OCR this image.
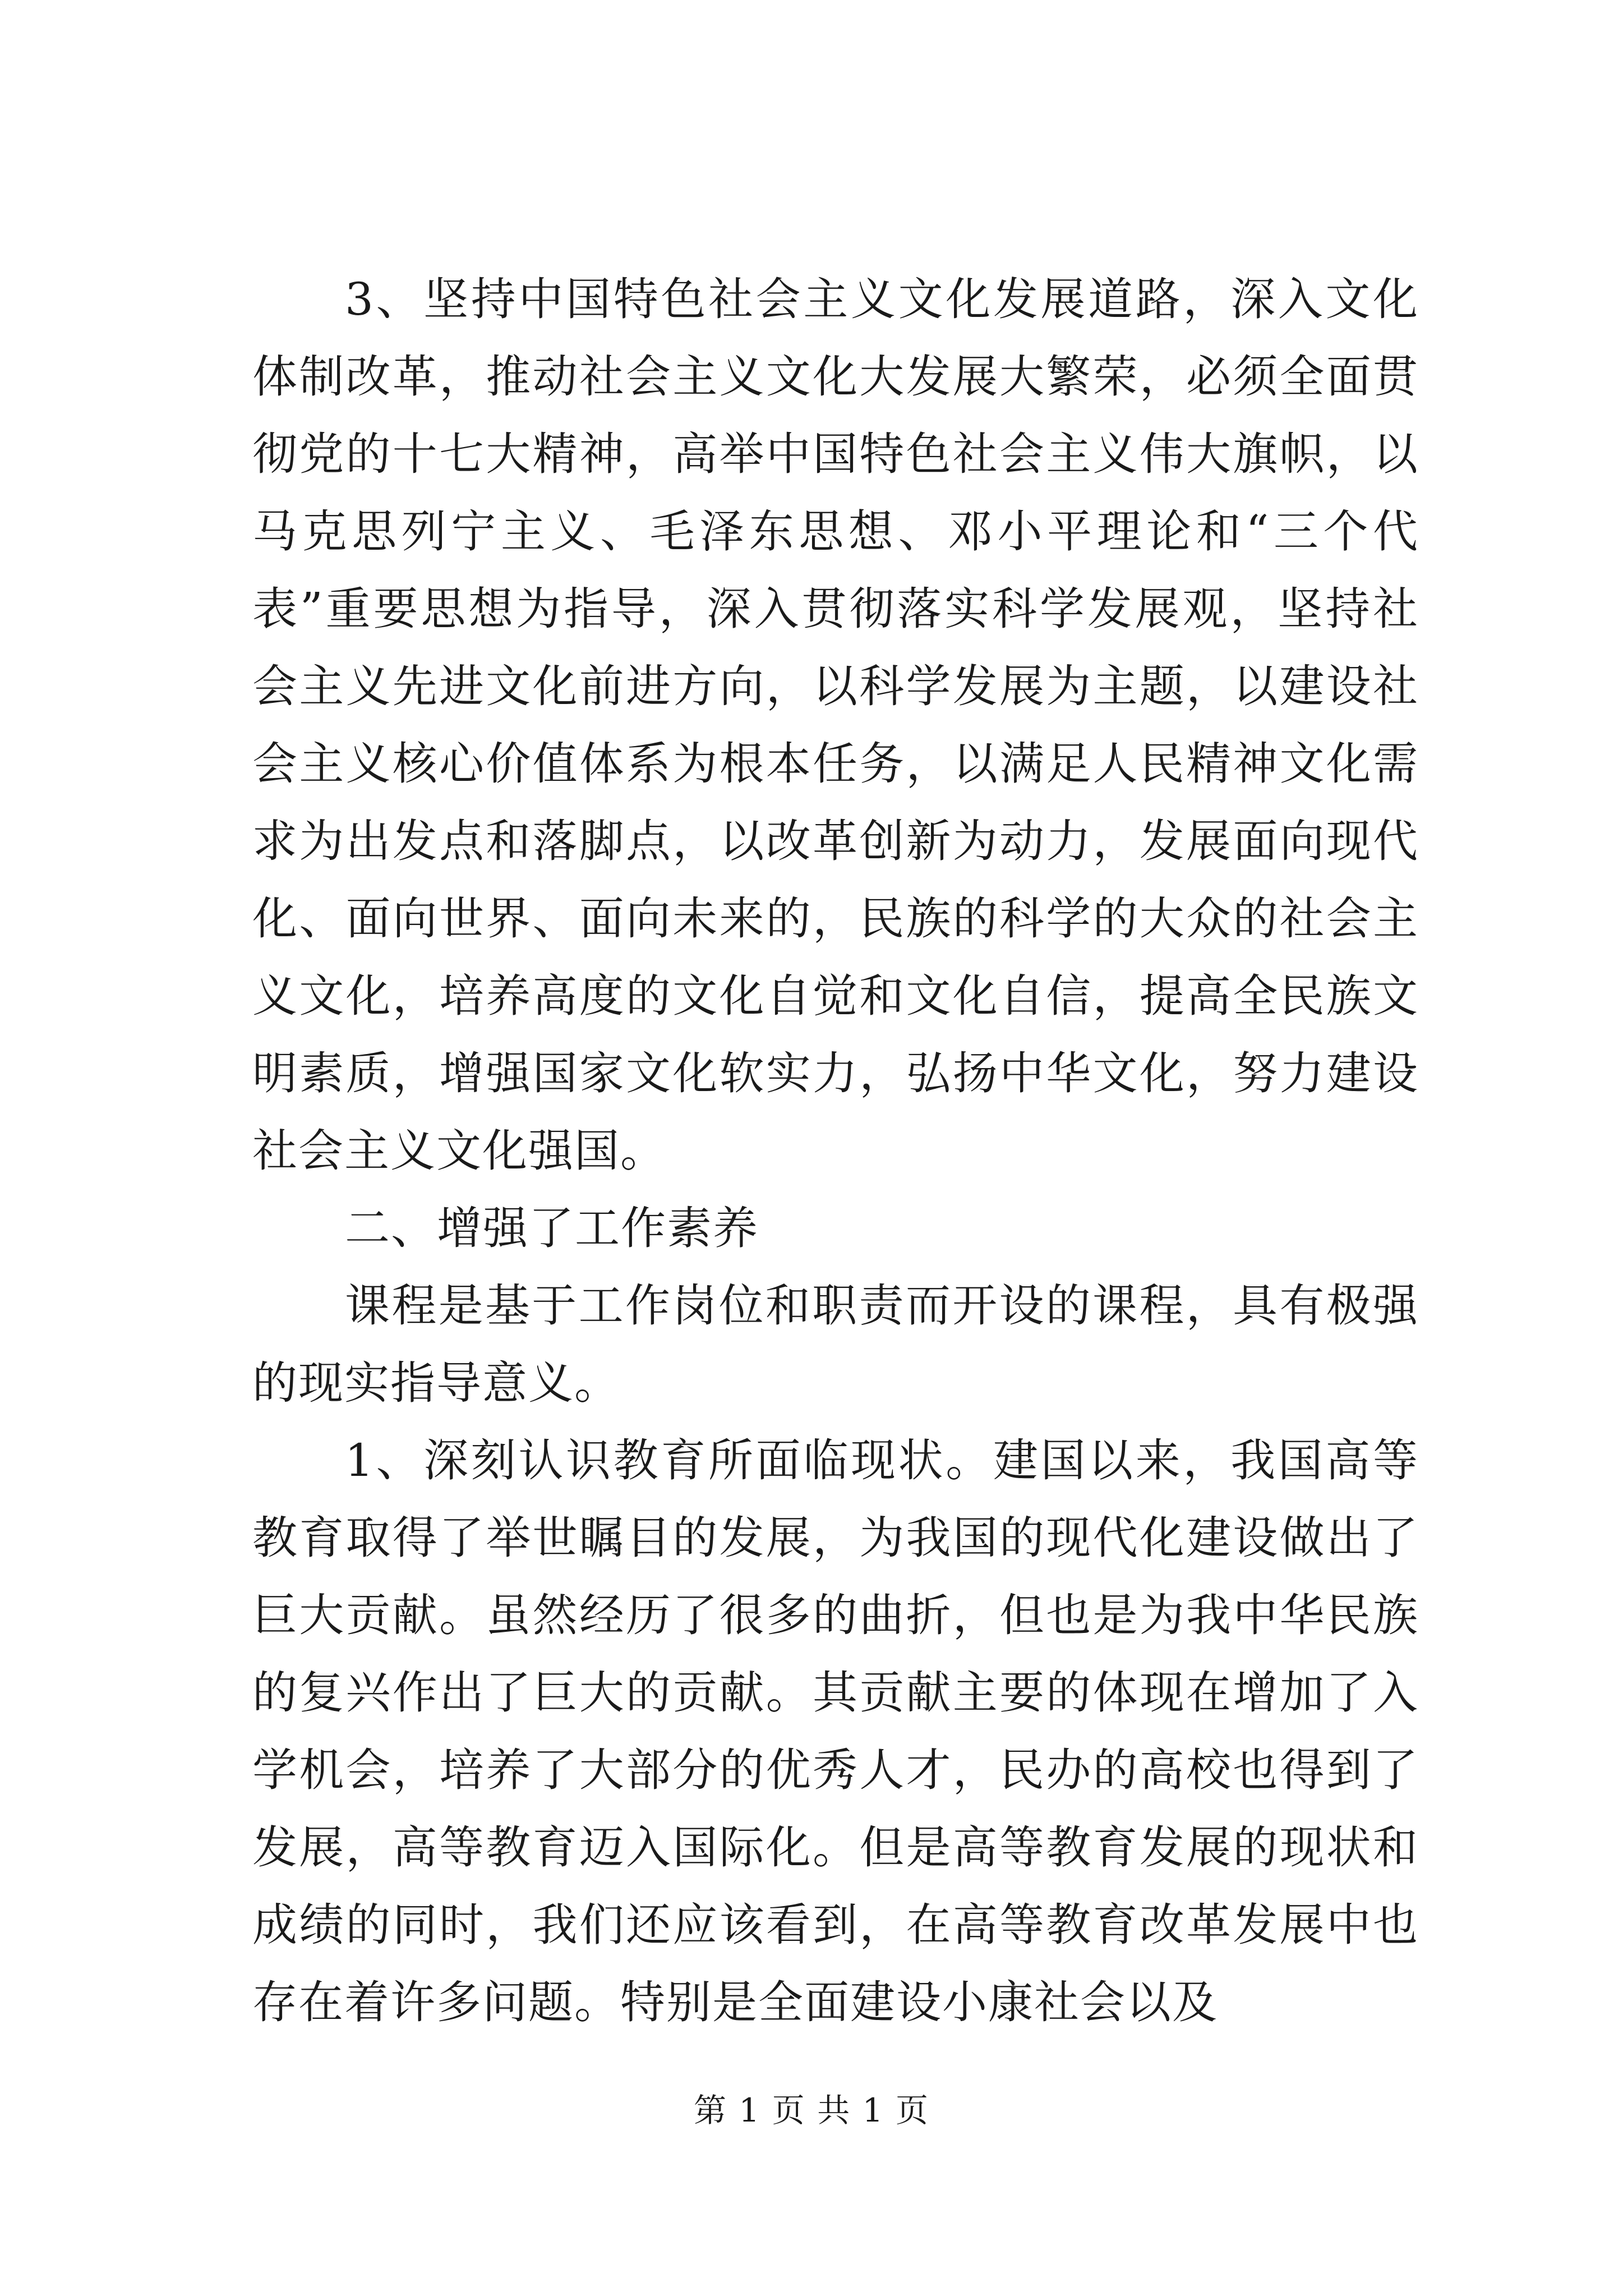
3、坚持中国特色社会主义文化发展道路，深入文化体制改革，推动社会主义文化大发展大繁荣，必须全面贯彻党的十七大精神，高举中国特色社会主义伟大旗帜，以马克思列宁主义、毛泽东思想、邓小平理论和“三个代表”重要思想为指导，深入贯彻落实科学发展观，坚持社会主义先进文化前进方向，以科学发展为主题，以建设社会主义核心价值体系为根本任务，以满足人民精神文化需求为出发点和落脚点，以改革创新为动力，发展面向现代化、面向世界、面向未来的，民族的科学的大众的社会主义文化，培养高度的文化自觉和文化自信，提高全民族文明素质，增强国家文化软实力，弘扬中华文化，努力建设社会主义文化强国。

二、增强了工作素养

课程是基于工作岗位和职责而开设的课程，具有极强的现实指导意义。

1、深刻认识教育所面临现状。建国以来，我国高等教育取得了举世瞩目的发展，为我国的现代化建设做出了巨大贡献。虽然经历了很多的曲折，但也是为我中华民族的复兴作出了巨大的贡献。其贡献主要的体现在增加了入学机会，培养了大部分的优秀人才，民办的高校也得到了发展，高等教育迈入国际化。但是高等教育发展的现状和成绩的同时，我们还应该看到，在高等教育改革发展中也存在着许多问题。特别是全面建设小康社会以及

第 1 页 共 1 页
